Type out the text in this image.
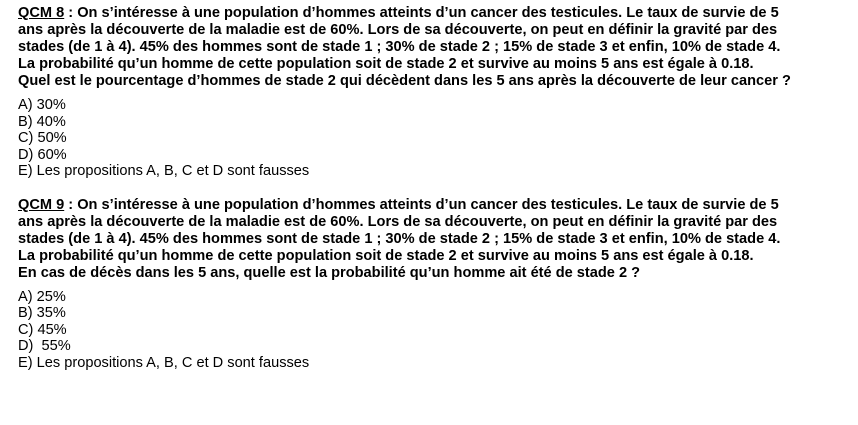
QCM 8 : On s’intéresse à une population d’hommes atteints d’un cancer des testicules. Le taux de survie de 5
ans après la découverte de la maladie est de 60%. Lors de sa découverte, on peut en définir la gravité par des
stades (de 1 à 4). 45% des hommes sont de stade 1 ; 30% de stade 2 ; 15% de stade 3 et enfin, 10% de stade 4.
La probabilité qu’un homme de cette population soit de stade 2 et survive au moins 5 ans est égale à 0.18.
Quel est le pourcentage d’hommes de stade 2 qui décèdent dans les 5 ans après la découverte de leur cancer ?

A) 30%
B) 40%
C) 50%
D) 60%
E) Les propositions A, B, C et D sont fausses

QCM 9 : On s’intéresse à une population d’hommes atteints d’un cancer des testicules. Le taux de survie de 5
ans après la découverte de la maladie est de 60%. Lors de sa découverte, on peut en définir la gravité par des
stades (de 1 à 4). 45% des hommes sont de stade 1 ; 30% de stade 2 ; 15% de stade 3 et enfin, 10% de stade 4.
La probabilité qu’un homme de cette population soit de stade 2 et survive au moins 5 ans est égale à 0.18.
En cas de décès dans les 5 ans, quelle est la probabilité qu’un homme ait été de stade 2 ?

A) 25%
B) 35%
C) 45%
D)  55%
E) Les propositions A, B, C et D sont fausses
